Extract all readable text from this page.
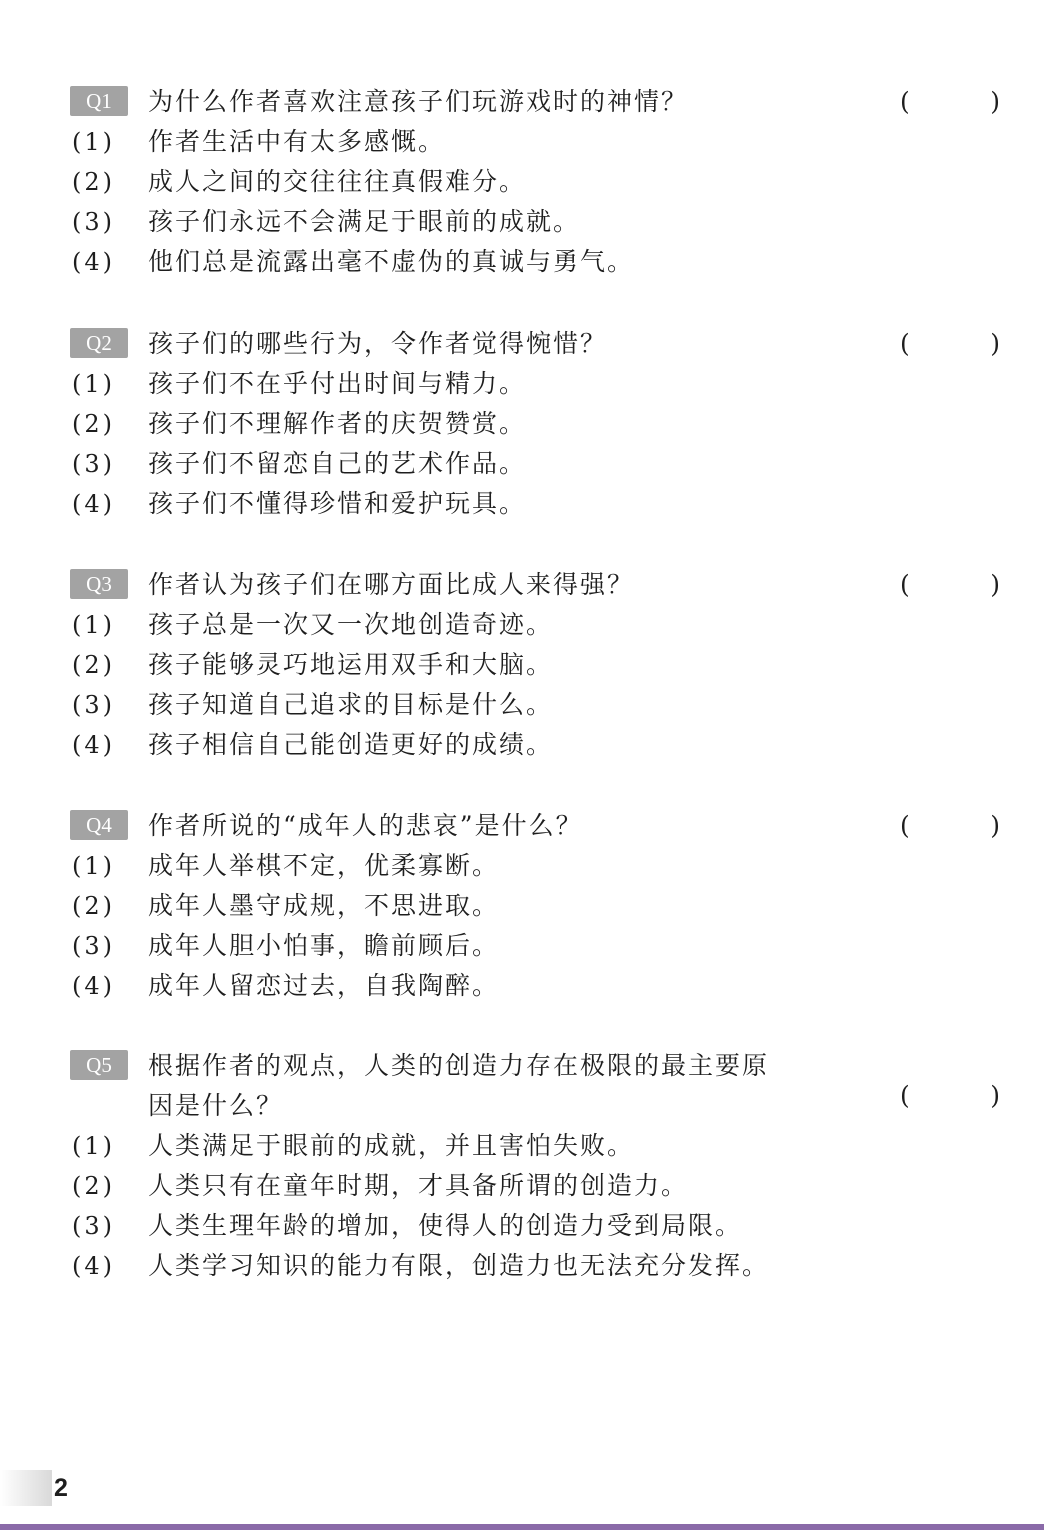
Q1	为什么作者喜欢注意孩子们玩游戏时的神情？	(	)
(1)	作者生活中有太多感慨。
(2)	成人之间的交往往往真假难分。
(3)	孩子们永远不会满足于眼前的成就。
(4)	他们总是流露出毫不虚伪的真诚与勇气。
Q2	孩子们的哪些行为，令作者觉得惋惜？	(	)
(1)	孩子们不在乎付出时间与精力。
(2)	孩子们不理解作者的庆贺赞赏。
(3)	孩子们不留恋自己的艺术作品。
(4)	孩子们不懂得珍惜和爱护玩具。
Q3	作者认为孩子们在哪方面比成人来得强？	(	)
(1)	孩子总是一次又一次地创造奇迹。
(2)	孩子能够灵巧地运用双手和大脑。
(3)	孩子知道自己追求的目标是什么。
(4)	孩子相信自己能创造更好的成绩。
Q4	作者所说的“成年人的悲哀”是什么？	(	)
(1)	成年人举棋不定，优柔寡断。
(2)	成年人墨守成规，不思进取。
(3)	成年人胆小怕事，瞻前顾后。
(4)	成年人留恋过去，自我陶醉。
Q5	根据作者的观点，人类的创造力存在极限的最主要原因是什么？	(	)
(1)	人类满足于眼前的成就，并且害怕失败。
(2)	人类只有在童年时期，才具备所谓的创造力。
(3)	人类生理年龄的增加，使得人的创造力受到局限。
(4)	人类学习知识的能力有限，创造力也无法充分发挥。
2
